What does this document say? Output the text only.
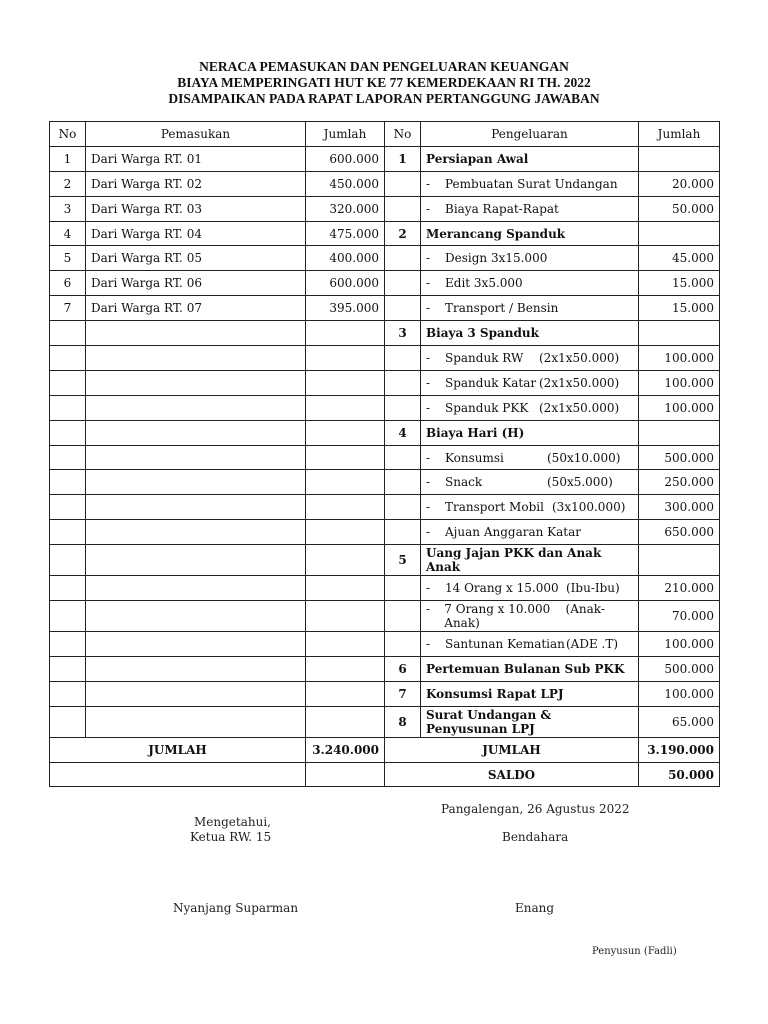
NERACA PEMASUKAN DAN PENGELUARAN KEUANGAN
BIAYA MEMPERINGATI HUT KE 77 KEMERDEKAAN RI TH. 2022
DISAMPAIKAN PADA RAPAT LAPORAN PERTANGGUNG JAWABAN
No	Pemasukan	Jumlah	No	Pengeluaran	Jumlah
1	Dari Warga RT. 01	600.000	1	Persiapan Awal	
2	Dari Warga RT. 02	450.000		- Pembuatan Surat Undangan	20.000
3	Dari Warga RT. 03	320.000		- Biaya Rapat-Rapat	50.000
4	Dari Warga RT. 04	475.000	2	Merancang Spanduk	
5	Dari Warga RT. 05	400.000		- Design 3x15.000	45.000
6	Dari Warga RT. 06	600.000		- Edit 3x5.000	15.000
7	Dari Warga RT. 07	395.000		- Transport / Bensin	15.000
			3	Biaya 3 Spanduk	
				- Spanduk RW (2x1x50.000)	100.000
				- Spanduk Katar (2x1x50.000)	100.000
				- Spanduk PKK (2x1x50.000)	100.000
			4	Biaya Hari (H)	
				- Konsumsi (50x10.000)	500.000
				- Snack (50x5.000)	250.000
				- Transport Mobil (3x100.000)	300.000
				- Ajuan Anggaran Katar	650.000
			5	Uang Jajan PKK dan Anak Anak	
				- 14 Orang x 15.000 (Ibu-Ibu)	210.000

				- 7 Orang x 10.000 (Anak-Anak)	70.000
				- Santunan Kematian (ADE .T)	100.000
			6	Pertemuan Bulanan Sub PKK	500.000
			7	Konsumsi Rapat LPJ	100.000
			8	Surat Undangan & Penyusunan LPJ	65.000
JUMLAH		3.240.000	JUMLAH		3.190.000
			SALDO		50.000
Pangalengan, 26 Agustus 2022
Mengetahui,
Ketua RW. 15	Bendahara
Nyanjang Suparman	Enang
Penyusun (Fadli)
